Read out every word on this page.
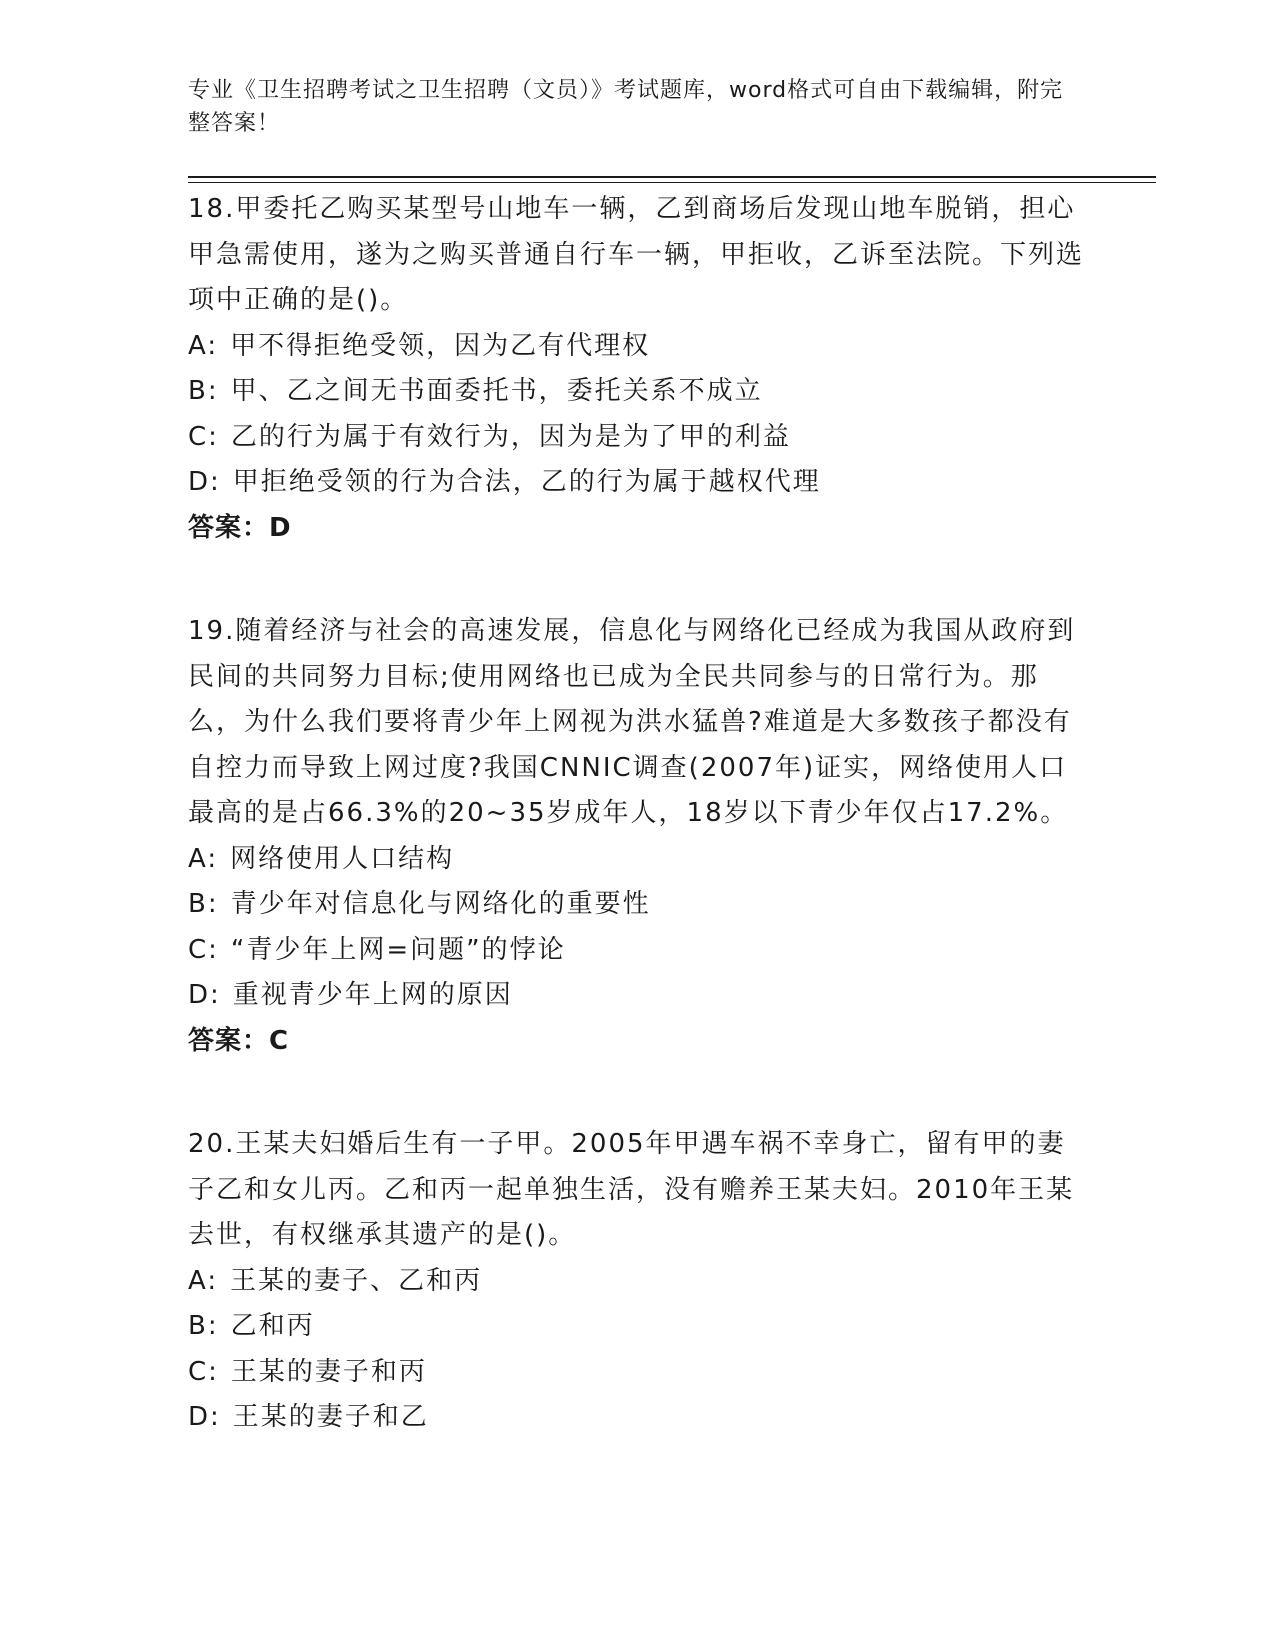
专业《卫生招聘考试之卫生招聘（文员）》考试题库，word格式可自由下载编辑，附完整答案！
18.甲委托乙购买某型号山地车一辆，乙到商场后发现山地车脱销，担心甲急需使用，遂为之购买普通自行车一辆，甲拒收，乙诉至法院。下列选项中正确的是()。
A: 甲不得拒绝受领，因为乙有代理权
B: 甲、乙之间无书面委托书，委托关系不成立
C: 乙的行为属于有效行为，因为是为了甲的利益
D: 甲拒绝受领的行为合法，乙的行为属于越权代理
答案：D
19.随着经济与社会的高速发展，信息化与网络化已经成为我国从政府到民间的共同努力目标;使用网络也已成为全民共同参与的日常行为。那么，为什么我们要将青少年上网视为洪水猛兽?难道是大多数孩子都没有自控力而导致上网过度?我国CNNIC调查(2007年)证实，网络使用人口最高的是占66.3%的20~35岁成年人，18岁以下青少年仅占17.2%。
A: 网络使用人口结构
B: 青少年对信息化与网络化的重要性
C: “青少年上网=问题”的悖论
D: 重视青少年上网的原因
答案：C
20.王某夫妇婚后生有一子甲。2005年甲遇车祸不幸身亡，留有甲的妻子乙和女儿丙。乙和丙一起单独生活，没有赡养王某夫妇。2010年王某去世，有权继承其遗产的是()。
A: 王某的妻子、乙和丙
B: 乙和丙
C: 王某的妻子和丙
D: 王某的妻子和乙
